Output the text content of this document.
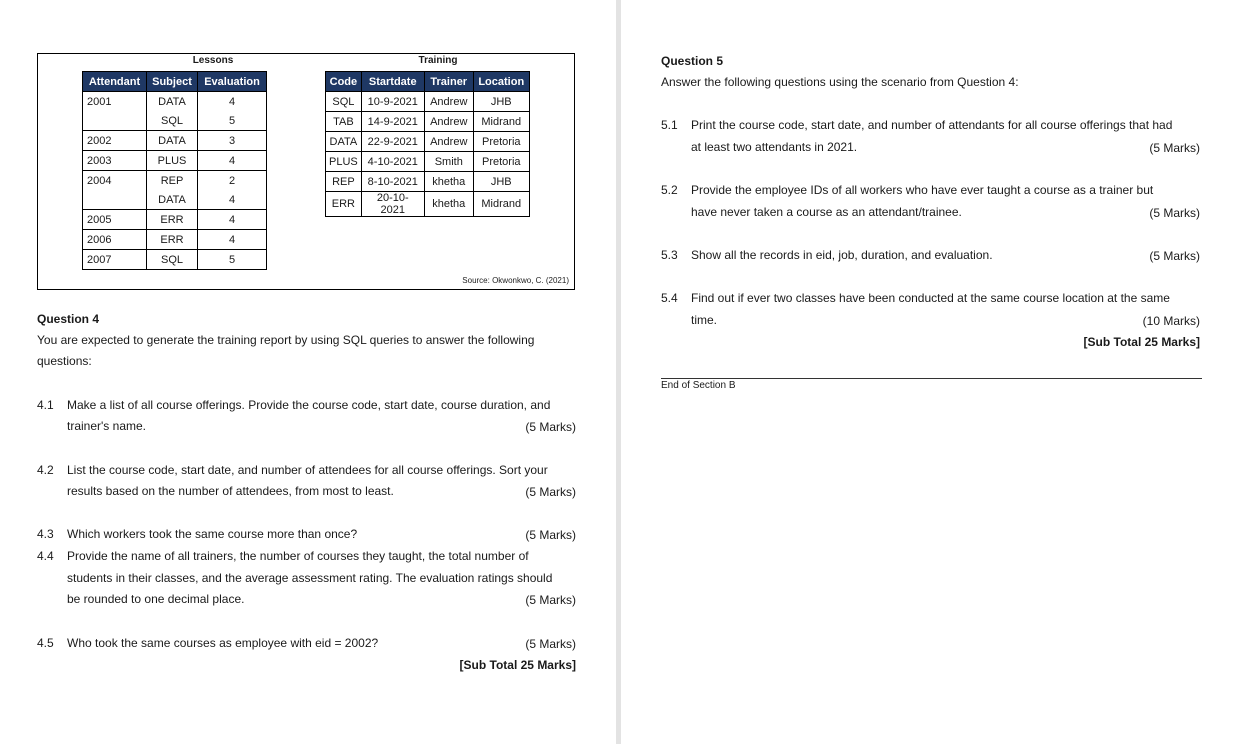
Lessons	Training
Attendant	Subject	Evaluation
2001	DATA	4
	SQL	5
2002	DATA	3
2003	PLUS	4
2004	REP	2
	DATA	4
2005	ERR	4
2006	ERR	4
2007	SQL	5
Code	Startdate	Trainer	Location
SQL	10-9-2021	Andrew	JHB
TAB	14-9-2021	Andrew	Midrand
DATA	22-9-2021	Andrew	Pretoria
PLUS	4-10-2021	Smith	Pretoria
REP	8-10-2021	khetha	JHB
ERR	20-10-2021	khetha	Midrand
Source: Okwonkwo, C. (2021)
Question 4
You are expected to generate the training report by using SQL queries to answer the following
questions:
4.1 Make a list of all course offerings. Provide the course code, start date, course duration, and
trainer's name.	(5 Marks)
4.2 List the course code, start date, and number of attendees for all course offerings. Sort your
results based on the number of attendees, from most to least.	(5 Marks)
4.3 Which workers took the same course more than once?	(5 Marks)
4.4 Provide the name of all trainers, the number of courses they taught, the total number of
students in their classes, and the average assessment rating. The evaluation ratings should
be rounded to one decimal place.	(5 Marks)
4.5 Who took the same courses as employee with eid = 2002?	(5 Marks)
[Sub Total 25 Marks]
Question 5
Answer the following questions using the scenario from Question 4:
5.1 Print the course code, start date, and number of attendants for all course offerings that had
at least two attendants in 2021.	(5 Marks)
5.2 Provide the employee IDs of all workers who have ever taught a course as a trainer but
have never taken a course as an attendant/trainee.	(5 Marks)
5.3 Show all the records in eid, job, duration, and evaluation.	(5 Marks)
5.4 Find out if ever two classes have been conducted at the same course location at the same
time.	(10 Marks)
[Sub Total 25 Marks]
End of Section B
